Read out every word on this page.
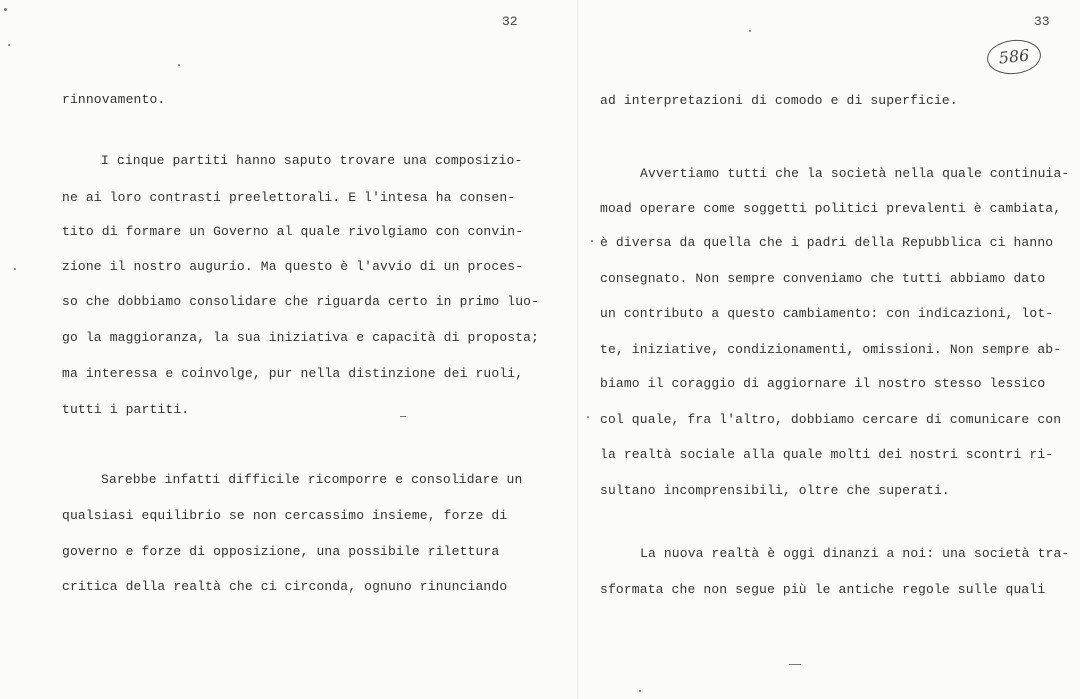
32
rinnovamento.
I cinque partiti hanno saputo trovare una composizio-
ne ai loro contrasti preelettorali. E l'intesa ha consen-
tito di formare un Governo al quale rivolgiamo con convin-
zione il nostro augurio. Ma questo è l'avvio di un proces-
so che dobbiamo consolidare che riguarda certo in primo luo-
go la maggioranza, la sua iniziativa e capacità di proposta;
ma interessa e coinvolge, pur nella distinzione dei ruoli,
tutti i partiti.
Sarebbe infatti difficile ricomporre e consolidare un
qualsiasi equilibrio se non cercassimo insieme, forze di
governo e forze di opposizione, una possibile rilettura
critica della realtà che ci circonda, ognuno rinunciando
33
586
ad interpretazioni di comodo e di superficie.
Avvertiamo tutti che la società nella quale continuia-
moad operare come soggetti politici prevalenti è cambiata,
è diversa da quella che i padri della Repubblica ci hanno
consegnato. Non sempre conveniamo che tutti abbiamo dato
un contributo a questo cambiamento: con indicazioni, lot-
te, iniziative, condizionamenti, omissioni. Non sempre ab-
biamo il coraggio di aggiornare il nostro stesso lessico
col quale, fra l'altro, dobbiamo cercare di comunicare con
la realtà sociale alla quale molti dei nostri scontri ri-
sultano incomprensibili, oltre che superati.
La nuova realtà è oggi dinanzi a noi: una società tra-
sformata che non segue più le antiche regole sulle quali
